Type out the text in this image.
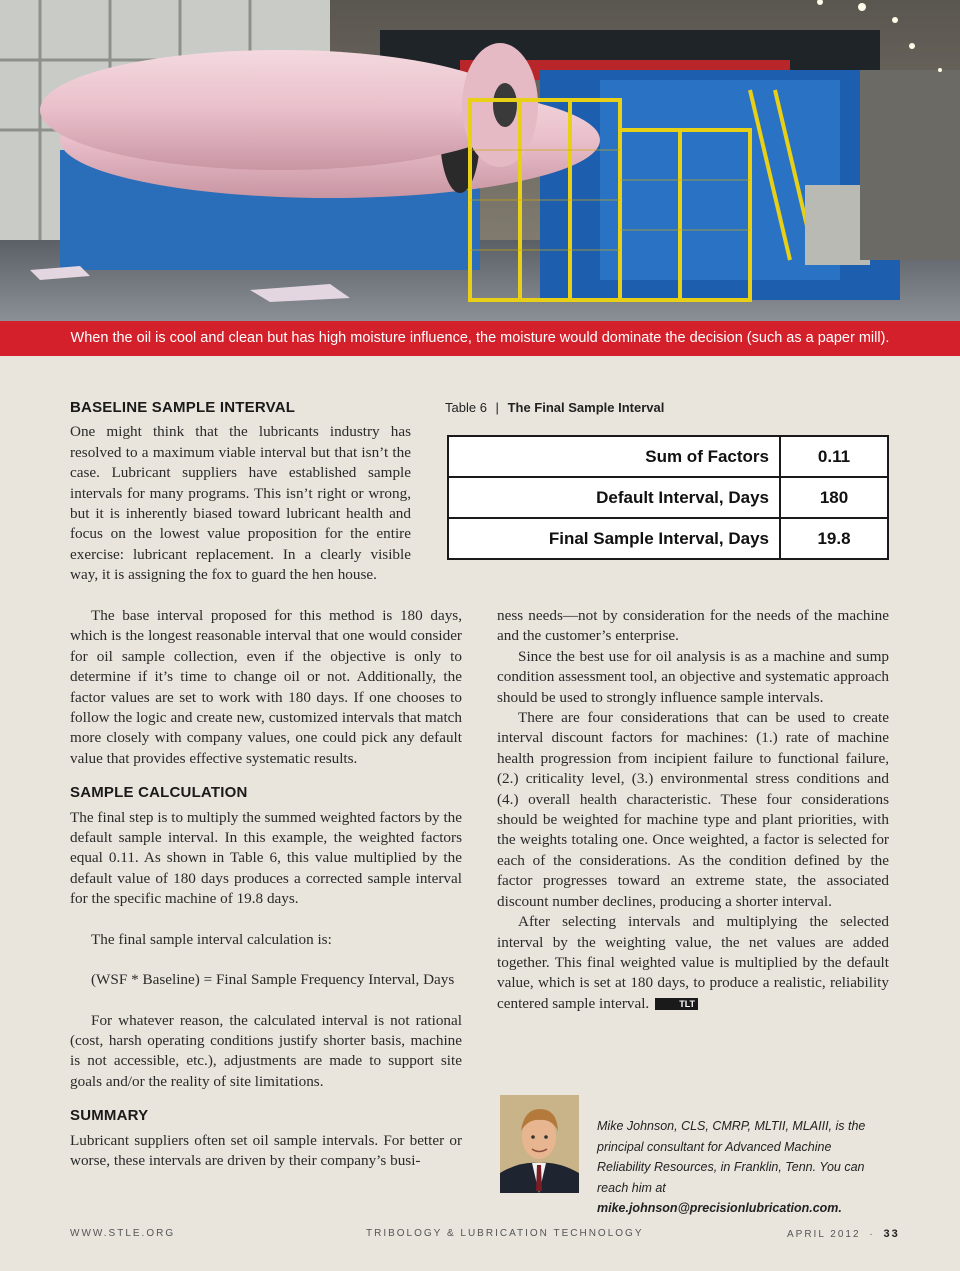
When the oil is cool and clean but has high moisture influence, the moisture would dominate the decision (such as a paper mill).
BASELINE SAMPLE INTERVAL

One might think that the lubricants industry has resolved to a maximum viable interval but that isn’t the case. Lubricant suppliers have established sample intervals for many programs. This isn’t right or wrong, but it is inherently biased toward lubricant health and focus on the lowest value proposition for the entire exercise: lubricant replacement. In a clearly visible way, it is assigning the fox to guard the hen house.

The base interval proposed for this method is 180 days, which is the longest reasonable interval that one would consider for oil sample collection, even if the objective is only to determine if it’s time to change oil or not. Additionally, the factor values are set to work with 180 days. If one chooses to follow the logic and create new, customized intervals that match more closely with company values, one could pick any default value that provides effective systematic results.

SAMPLE CALCULATION

The final step is to multiply the summed weighted factors by the default sample interval. In this example, the weighted factors equal 0.11. As shown in Table 6, this value multiplied by the default value of 180 days produces a corrected sample interval for the specific machine of 19.8 days.

The final sample interval calculation is:

(WSF * Baseline) = Final Sample Frequency Interval, Days

For whatever reason, the calculated interval is not rational (cost, harsh operating conditions justify shorter basis, machine is not accessible, etc.), adjustments are made to support site goals and/or the reality of site limitations.

SUMMARY

Lubricant suppliers often set oil sample intervals. For better or worse, these intervals are driven by their company’s busi-

Table 6 | The Final Sample Interval
Sum of Factors	0.11
Default Interval, Days	180
Final Sample Interval, Days	19.8

ness needs—not by consideration for the needs of the machine and the customer’s enterprise.

Since the best use for oil analysis is as a machine and sump condition assessment tool, an objective and systematic approach should be used to strongly influence sample intervals.

There are four considerations that can be used to create interval discount factors for machines: (1.) rate of machine health progression from incipient failure to functional failure, (2.) criticality level, (3.) environmental stress conditions and (4.) overall health characteristic. These four considerations should be weighted for machine type and plant priorities, with the weights totaling one. Once weighted, a factor is selected for each of the considerations. As the condition defined by the factor progresses toward an extreme state, the associated discount number declines, producing a shorter interval.

After selecting intervals and multiplying the selected interval by the weighting value, the net values are added together. This final weighted value is multiplied by the default value, which is set at 180 days, to produce a realistic, reliability centered sample interval.	TLT

Mike Johnson, CLS, CMRP, MLTII, MLAIII, is the principal consultant for Advanced Machine Reliability Resources, in Franklin, Tenn. You can reach him at mike.johnson@precisionlubrication.com.
WWW.STLE.ORG	TRIBOLOGY & LUBRICATION TECHNOLOGY	APRIL 2012 · 33
